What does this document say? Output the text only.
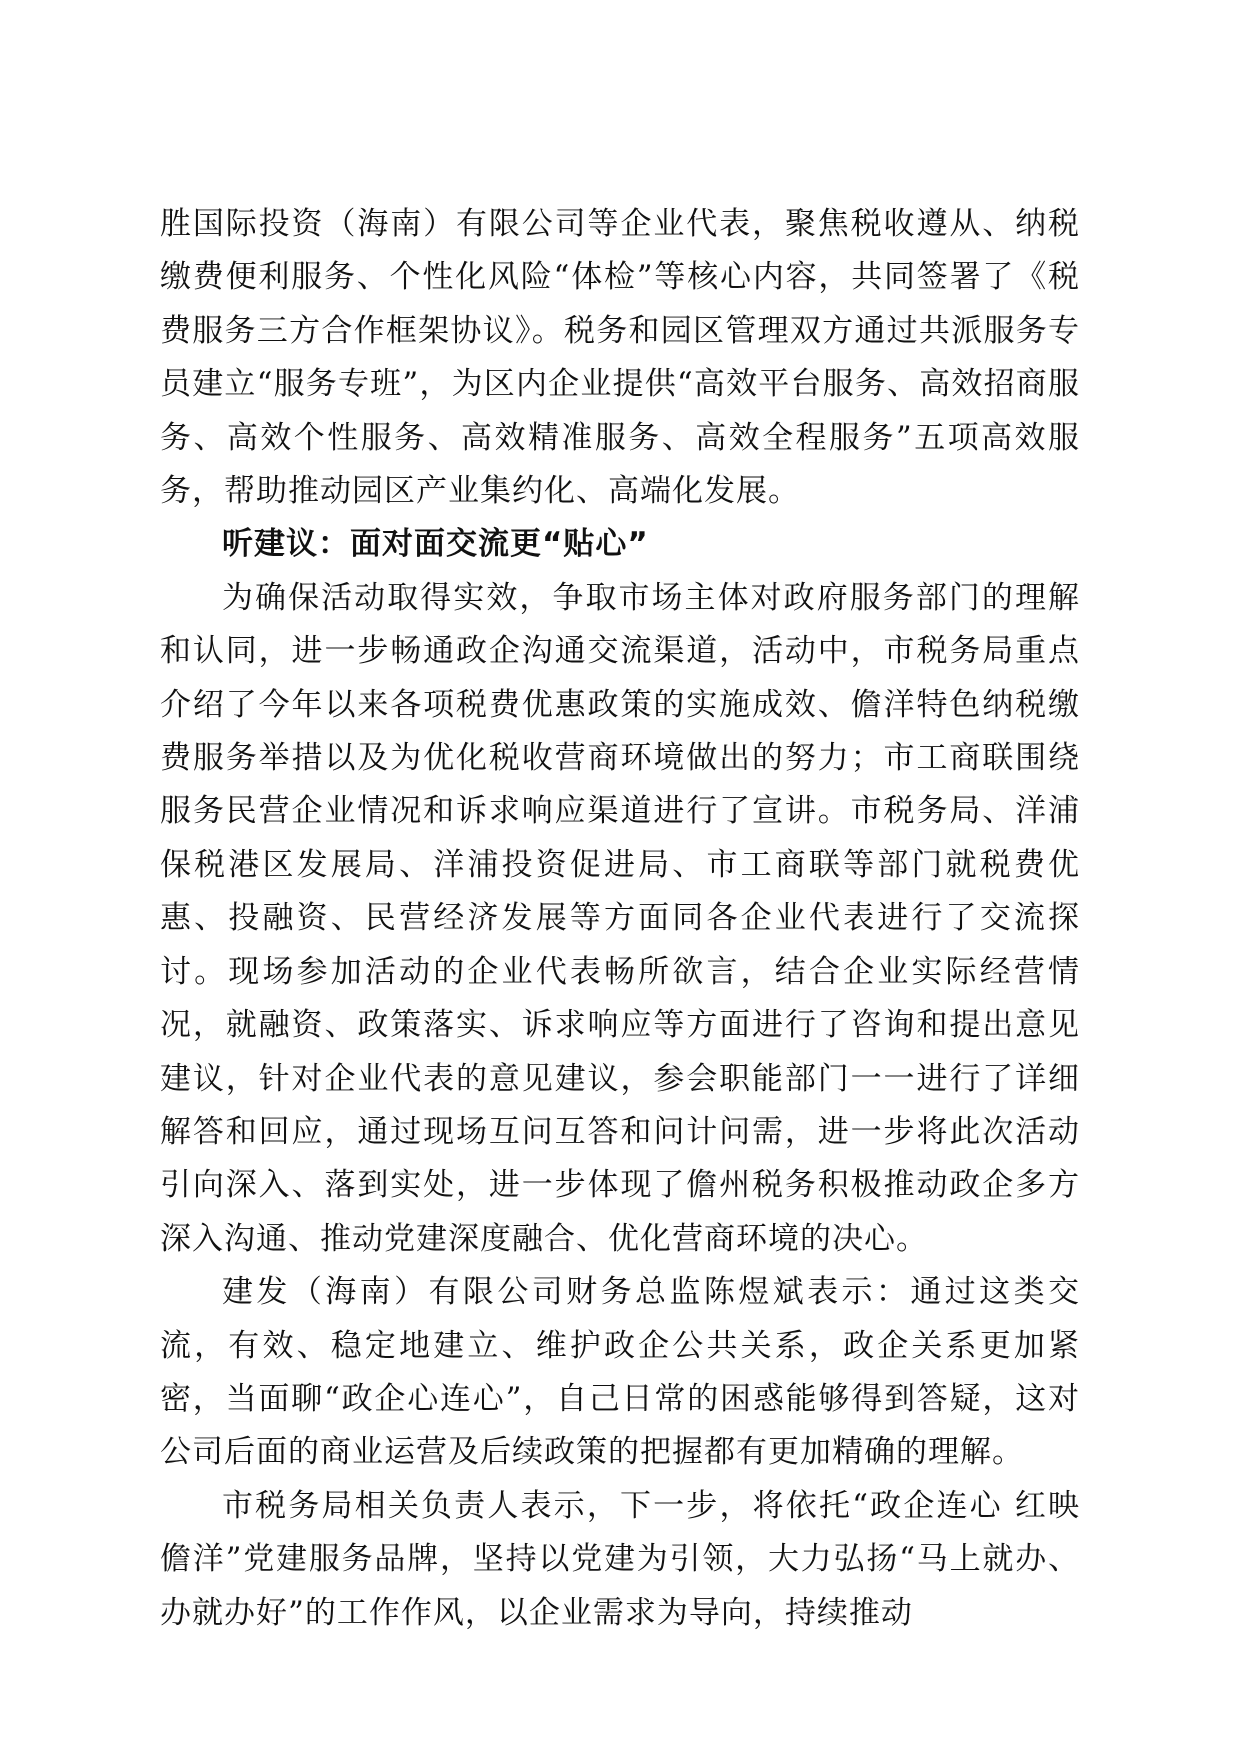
胜国际投资（海南）有限公司等企业代表，聚焦税收遵从、纳税缴费便利服务、个性化风险“体检”等核心内容，共同签署了《税费服务三方合作框架协议》。税务和园区管理双方通过共派服务专员建立“服务专班”，为区内企业提供“高效平台服务、高效招商服务、高效个性服务、高效精准服务、高效全程服务”五项高效服务，帮助推动园区产业集约化、高端化发展。

听建议：面对面交流更“贴心”

为确保活动取得实效，争取市场主体对政府服务部门的理解和认同，进一步畅通政企沟通交流渠道，活动中，市税务局重点介绍了今年以来各项税费优惠政策的实施成效、儋洋特色纳税缴费服务举措以及为优化税收营商环境做出的努力；市工商联围绕服务民营企业情况和诉求响应渠道进行了宣讲。市税务局、洋浦保税港区发展局、洋浦投资促进局、市工商联等部门就税费优惠、投融资、民营经济发展等方面同各企业代表进行了交流探讨。现场参加活动的企业代表畅所欲言，结合企业实际经营情况，就融资、政策落实、诉求响应等方面进行了咨询和提出意见建议，针对企业代表的意见建议，参会职能部门一一进行了详细解答和回应，通过现场互问互答和问计问需，进一步将此次活动引向深入、落到实处，进一步体现了儋州税务积极推动政企多方深入沟通、推动党建深度融合、优化营商环境的决心。

建发（海南）有限公司财务总监陈煜斌表示：通过这类交流，有效、稳定地建立、维护政企公共关系，政企关系更加紧密，当面聊“政企心连心”，自己日常的困惑能够得到答疑，这对公司后面的商业运营及后续政策的把握都有更加精确的理解。

市税务局相关负责人表示，下一步，将依托“政企连心 红映儋洋”党建服务品牌，坚持以党建为引领，大力弘扬“马上就办、办就办好”的工作作风，以企业需求为导向，持续推动
